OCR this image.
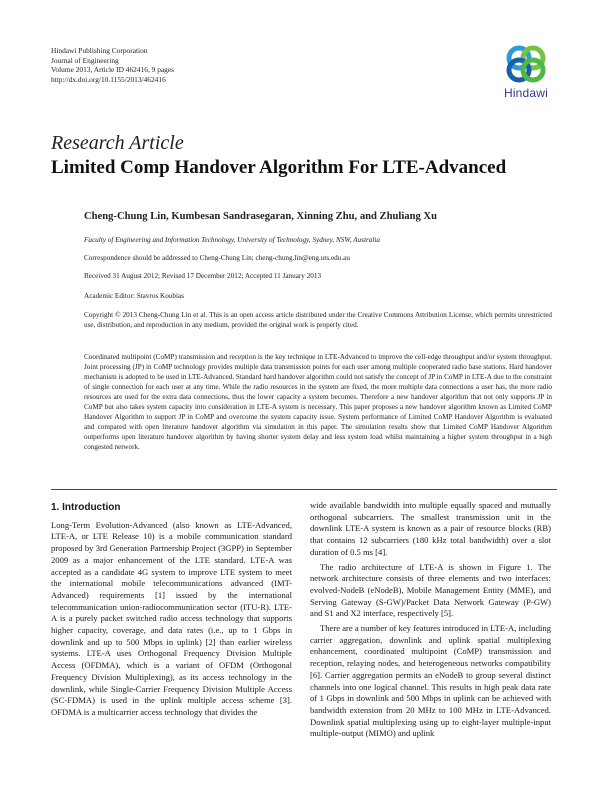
Hindawi Publishing Corporation
Journal of Engineering
Volume 2013, Article ID 462416, 9 pages
http://dx.doi.org/10.1155/2013/462416
Hindawi
Research Article
Limited Comp Handover Algorithm For LTE-Advanced
Cheng-Chung Lin, Kumbesan Sandrasegaran, Xinning Zhu, and Zhuliang Xu
Faculty of Engineering and Information Technology, University of Technology, Sydney, NSW, Australia
Correspondence should be addressed to Cheng-Chung Lin; cheng-chung.lin@eng.uts.edu.au
Received 31 August 2012; Revised 17 December 2012; Accepted 11 January 2013
Academic Editor: Stavros Koubias
Copyright © 2013 Cheng-Chung Lin et al. This is an open access article distributed under the Creative Commons Attribution License, which permits unrestricted use, distribution, and reproduction in any medium, provided the original work is properly cited.
Coordinated multipoint (CoMP) transmission and reception is the key technique in LTE-Advanced to improve the cell-edge throughput and/or system throughput. Joint processing (JP) in CoMP technology provides multiple data transmission points for each user among multiple cooperated radio base stations. Hard handover mechanism is adopted to be used in LTE-Advanced. Standard hard handover algorithm could not satisfy the concept of JP in CoMP in LTE-A due to the constraint of single connection for each user at any time. While the radio resources in the system are fixed, the more multiple data connections a user has, the more radio resources are used for the extra data connections, thus the lower capacity a system becomes. Therefore a new handover algorithm that not only supports JP in CoMP but also takes system capacity into consideration in LTE-A system is necessary. This paper proposes a new handover algorithm known as Limited CoMP Handover Algorithm to support JP in CoMP and overcome the system capacity issue. System performance of Limited CoMP Handover Algorithm is evaluated and compared with open literature handover algorithm via simulation in this paper. The simulation results show that Limited CoMP Handover Algorithm outperforms open literature handover algorithm by having shorter system delay and less system load whilst maintaining a higher system throughput in a high congested network.
1. Introduction

Long-Term Evolution-Advanced (also known as LTE-Advanced, LTE-A, or LTE Release 10) is a mobile communication standard proposed by 3rd Generation Partnership Project (3GPP) in September 2009 as a major enhancement of the LTE standard. LTE-A was accepted as a candidate 4G system to improve LTE system to meet the international mobile telecommunications advanced (IMT-Advanced) requirements [1] issued by the international telecommunication union-radiocommunication sector (ITU-R). LTE-A is a purely packet switched radio access technology that supports higher capacity, coverage, and data rates (i.e., up to 1 Gbps in downlink and up to 500 Mbps in uplink) [2] than earlier wireless systems. LTE-A uses Orthogonal Frequency Division Multiple Access (OFDMA), which is a variant of OFDM (Orthogonal Frequency Division Multiplexing), as its access technology in the downlink, while Single-Carrier Frequency Division Multiple Access (SC-FDMA) is used in the uplink multiple access scheme [3]. OFDMA is a multicarrier access technology that divides the

wide available bandwidth into multiple equally spaced and mutually orthogonal subcarriers. The smallest transmission unit in the downlink LTE-A system is known as a pair of resource blocks (RB) that contains 12 subcarriers (180 kHz total bandwidth) over a slot duration of 0.5 ms [4].

The radio architecture of LTE-A is shown in Figure 1. The network architecture consists of three elements and two interfaces: evolved-NodeB (eNodeB), Mobile Management Entity (MME), and Serving Gateway (S-GW)/Packet Data Network Gateway (P-GW) and S1 and X2 interface, respectively [5].

There are a number of key features introduced in LTE-A, including carrier aggregation, downlink and uplink spatial multiplexing enhancement, coordinated multipoint (CoMP) transmission and reception, relaying nodes, and heterogeneous networks compatibility [6]. Carrier aggregation permits an eNodeB to group several distinct channels into one logical channel. This results in high peak data rate of 1 Gbps in downlink and 500 Mbps in uplink can be achieved with bandwidth extension from 20 MHz to 100 MHz in LTE-Advanced. Downlink spatial multiplexing using up to eight-layer multiple-input multiple-output (MIMO) and uplink
